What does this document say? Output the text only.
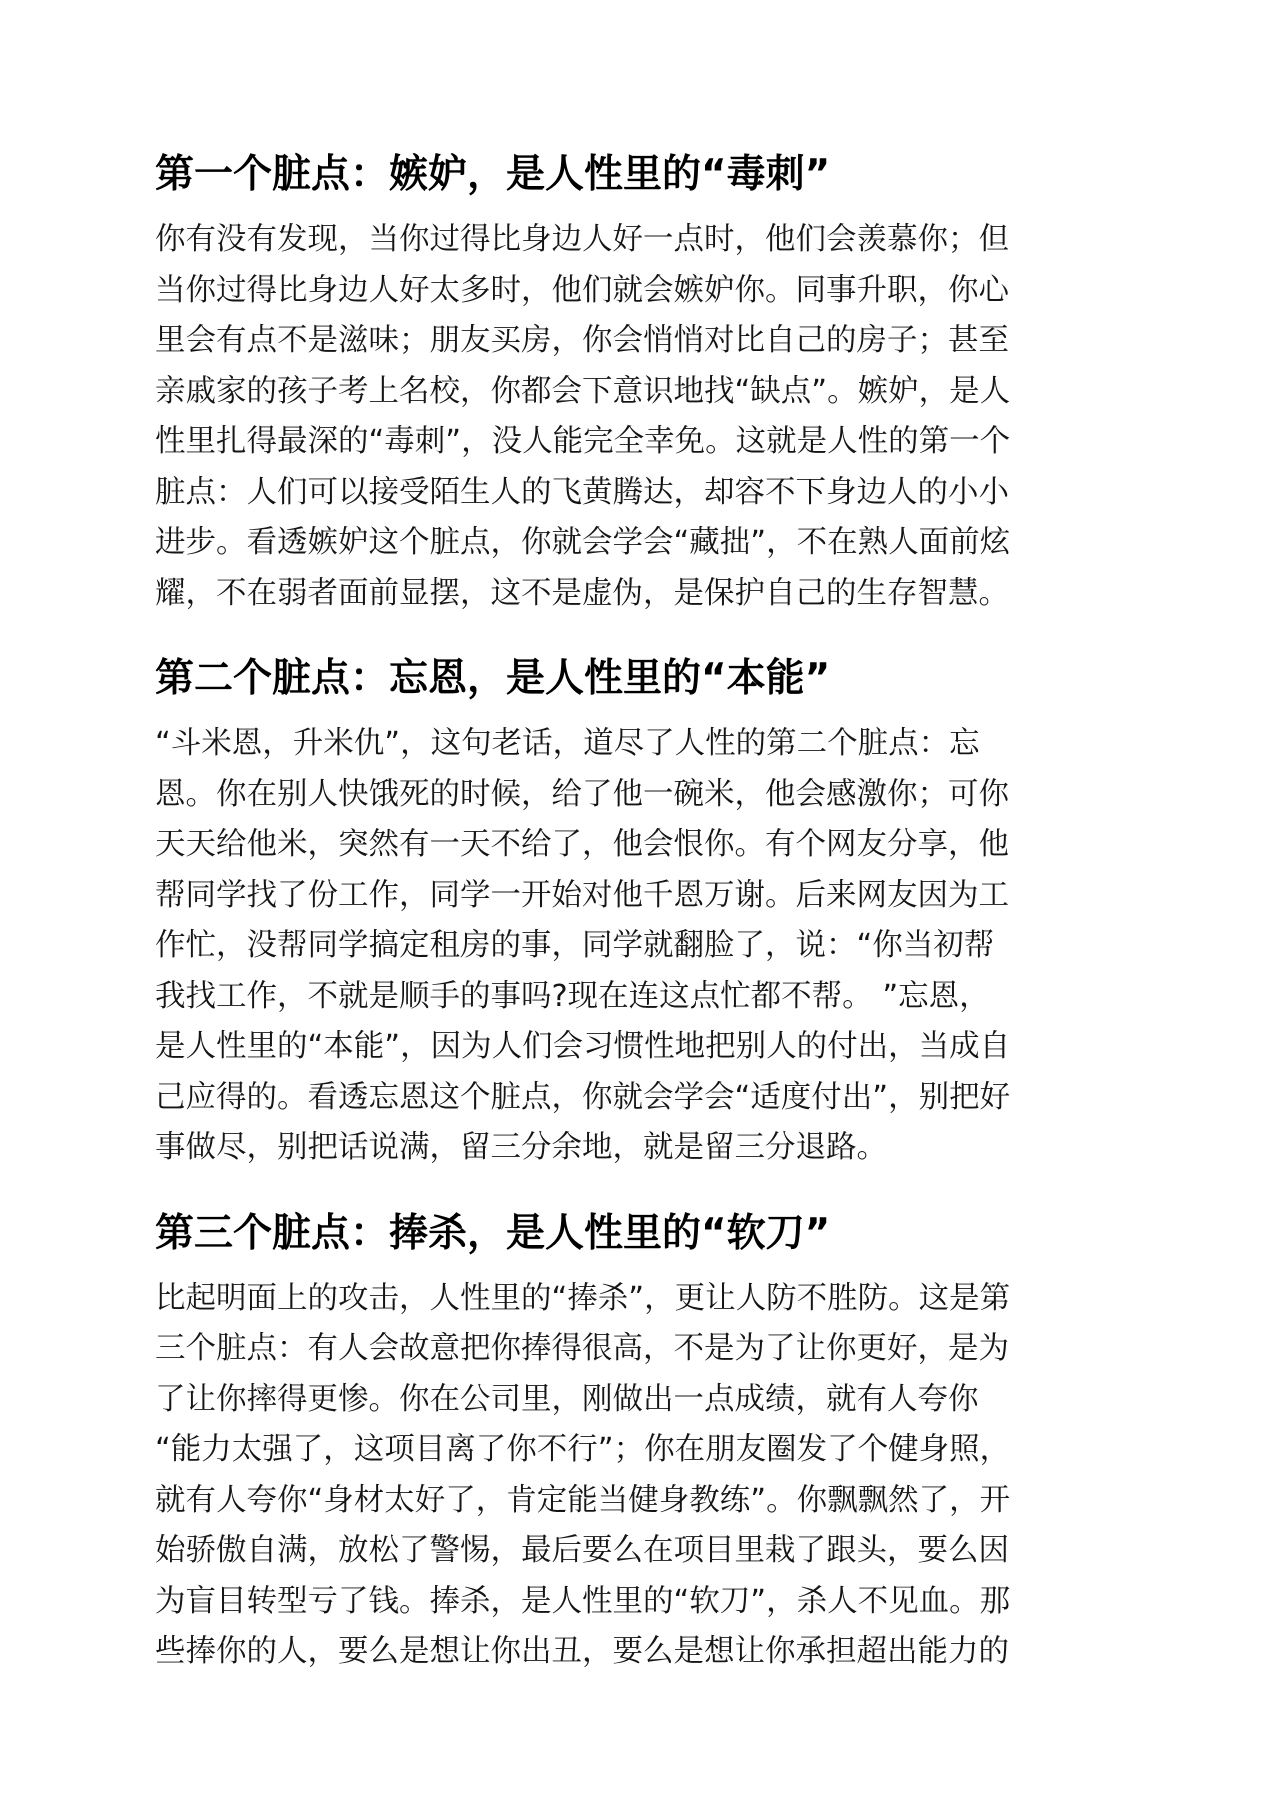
第一个脏点：嫉妒，是人性里的“毒刺”

你有没有发现，当你过得比身边人好一点时，他们会羡慕你；但
当你过得比身边人好太多时，他们就会嫉妒你。同事升职，你心
里会有点不是滋味；朋友买房，你会悄悄对比自己的房子；甚至
亲戚家的孩子考上名校，你都会下意识地找“缺点”。嫉妒，是人
性里扎得最深的“毒刺”，没人能完全幸免。这就是人性的第一个
脏点：人们可以接受陌生人的飞黄腾达，却容不下身边人的小小
进步。看透嫉妒这个脏点，你就会学会“藏拙”，不在熟人面前炫
耀，不在弱者面前显摆，这不是虚伪，是保护自己的生存智慧。

第二个脏点：忘恩，是人性里的“本能”

“斗米恩，升米仇”，这句老话，道尽了人性的第二个脏点：忘
恩。你在别人快饿死的时候，给了他一碗米，他会感激你；可你
天天给他米，突然有一天不给了，他会恨你。有个网友分享，他
帮同学找了份工作，同学一开始对他千恩万谢。后来网友因为工
作忙，没帮同学搞定租房的事，同学就翻脸了，说：“你当初帮
我找工作，不就是顺手的事吗?现在连这点忙都不帮。 ”忘恩，
是人性里的“本能”，因为人们会习惯性地把别人的付出，当成自
己应得的。看透忘恩这个脏点，你就会学会“适度付出”，别把好
事做尽，别把话说满，留三分余地，就是留三分退路。

第三个脏点：捧杀，是人性里的“软刀”

比起明面上的攻击，人性里的“捧杀”，更让人防不胜防。这是第
三个脏点：有人会故意把你捧得很高，不是为了让你更好，是为
了让你摔得更惨。你在公司里，刚做出一点成绩，就有人夸你
“能力太强了，这项目离了你不行”；你在朋友圈发了个健身照，
就有人夸你“身材太好了，肯定能当健身教练”。你飘飘然了，开
始骄傲自满，放松了警惕，最后要么在项目里栽了跟头，要么因
为盲目转型亏了钱。捧杀，是人性里的“软刀”，杀人不见血。那
些捧你的人，要么是想让你出丑，要么是想让你承担超出能力的
